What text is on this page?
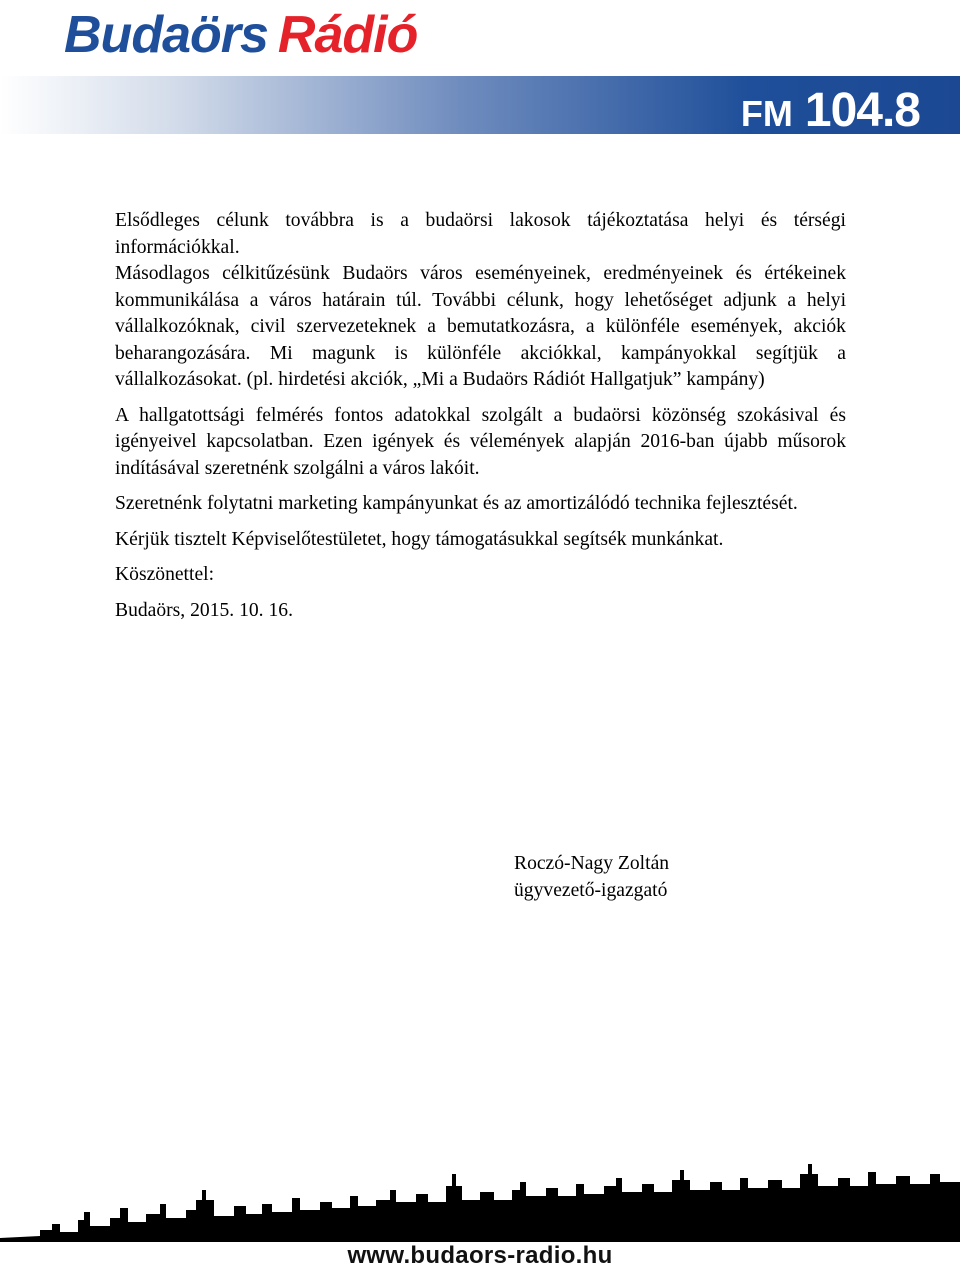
Budaörs Rádió
FM 104.8

Elsődleges célunk továbbra is a budaörsi lakosok tájékoztatása helyi és térségi információkkal.
Másodlagos célkitűzésünk Budaörs város eseményeinek, eredményeinek és értékeinek kommunikálása a város határain túl. További célunk, hogy lehetőséget adjunk a helyi vállalkozóknak, civil szervezeteknek a bemutatkozásra, a különféle események, akciók beharangozására. Mi magunk is különféle akciókkal, kampányokkal segítjük a vállalkozásokat. (pl. hirdetési akciók, „Mi a Budaörs Rádiót Hallgatjuk” kampány)

A hallgatottsági felmérés fontos adatokkal szolgált a budaörsi közönség szokásival és igényeivel kapcsolatban. Ezen igények és vélemények alapján 2016-ban újabb műsorok indításával szeretnénk szolgálni a város lakóit.

Szeretnénk folytatni marketing kampányunkat és az amortizálódó technika fejlesztését.

Kérjük tisztelt Képviselőtestületet, hogy támogatásukkal segítsék munkánkat.

Köszönettel:

Budaörs, 2015. 10. 16.

Roczó-Nagy Zoltán
ügyvezető-igazgató
www.budaors-radio.hu
